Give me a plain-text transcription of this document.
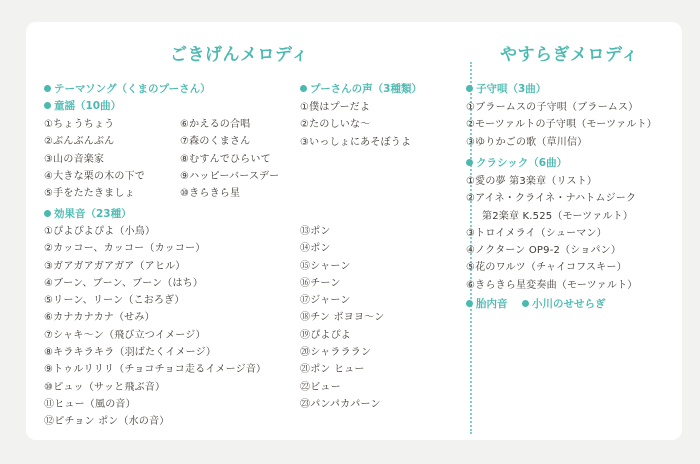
ごきげんメロディ	やすらぎメロディ
テーマソング（くまのプーさん）
童謡（10曲）
①ちょうちょう
②ぶんぶんぶん
③山の音楽家
④大きな栗の木の下で
⑤手をたたきましょ
⑥かえるの合唱
⑦森のくまさん
⑧むすんでひらいて
⑨ハッピーバースデー
⑩きらきら星
プーさんの声（3種類）
①僕はプーだよ
②たのしいな〜
③いっしょにあそぼうよ
効果音（23種）
①ぴよぴよぴよ（小鳥）
②カッコー、カッコー（カッコー）
③ガアガアガアガア（アヒル）
④ブーン、ブーン、ブーン（はち）
⑤リーン、リーン（こおろぎ）
⑥カナカナカナ（せみ）
⑦シャキ〜ン（飛び立つイメージ）
⑧キラキラキラ（羽ばたくイメージ）
⑨トゥルリリリ（チョコチョコ走るイメージ音）
⑩ピュッ（サッと飛ぶ音）
⑪ヒュー（風の音）
⑫ピチョン ポン（水の音）
⑬ポン
⑭ポン
⑮シャーン
⑯チーン
⑰ジャーン
⑱チン ボヨヨ〜ン
⑲ぴよぴよ
⑳シャラララン
㉑ポン ヒュー
㉒ビュー
㉓パンパカパーン
子守唄（3曲）
①ブラームスの子守唄（ブラームス）
②モーツァルトの子守唄（モーツァルト）
③ゆりかごの歌（草川信）
クラシック（6曲）
①愛の夢 第3楽章（リスト）
②アイネ・クライネ・ナハトムジーク
第2楽章 K.525（モーツァルト）
③トロイメライ（シューマン）
④ノクターン OP9-2（ショパン）
⑤花のワルツ（チャイコフスキー）
⑥きらきら星変奏曲（モーツァルト）
胎内音	小川のせせらぎ
